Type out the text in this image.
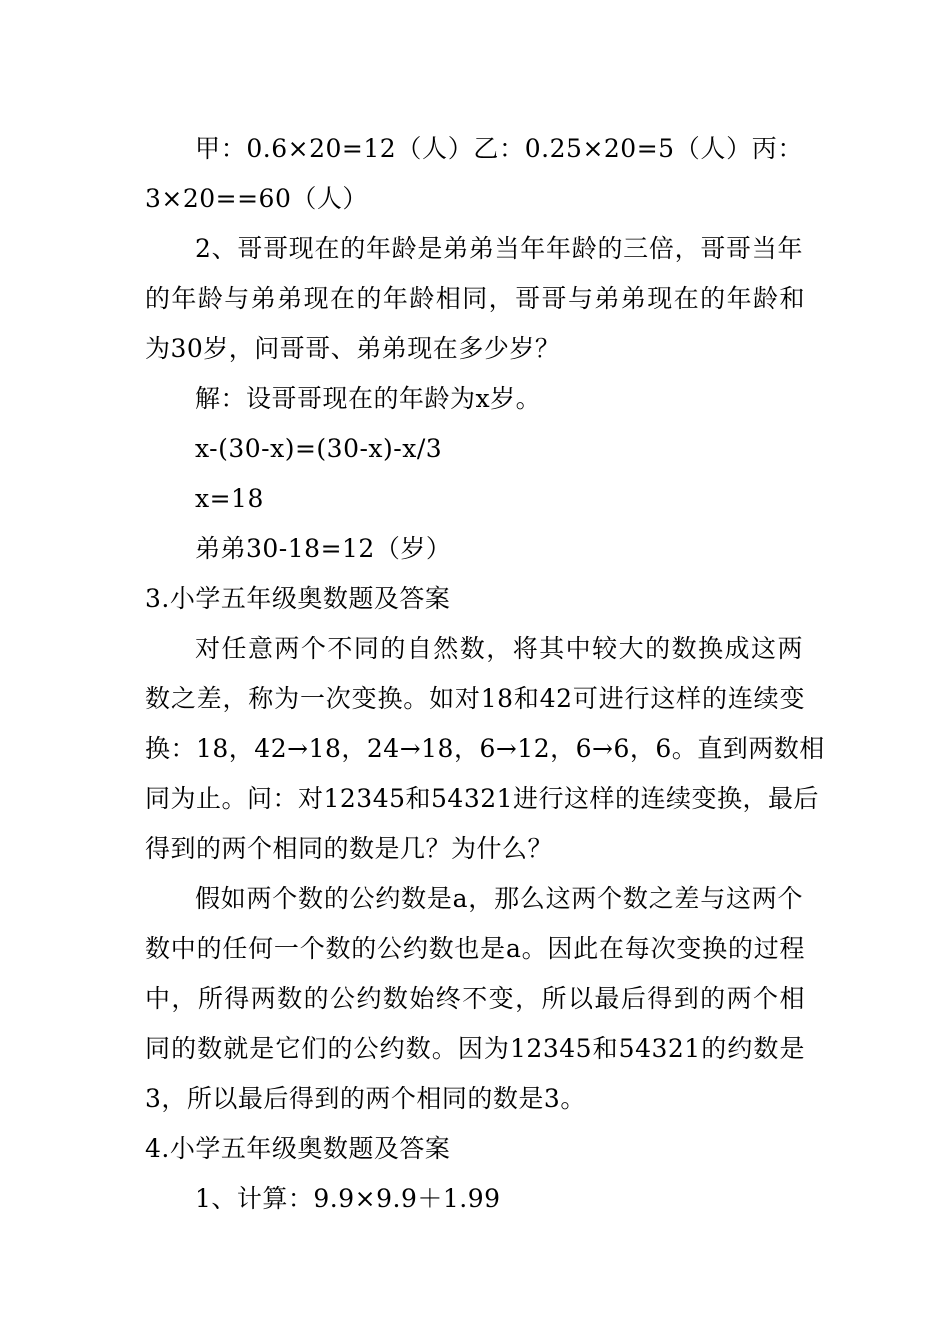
甲：0.6×20=12（人）乙：0.25×20=5（人）丙：
3×20==60（人）
2、哥哥现在的年龄是弟弟当年年龄的三倍，哥哥当年
的年龄与弟弟现在的年龄相同，哥哥与弟弟现在的年龄和
为30岁，问哥哥、弟弟现在多少岁？
解：设哥哥现在的年龄为x岁。
x-(30-x)=(30-x)-x/3
x=18
弟弟30-18=12（岁）
3.小学五年级奥数题及答案
对任意两个不同的自然数，将其中较大的数换成这两
数之差，称为一次变换。如对18和42可进行这样的连续变
换：18，42→18，24→18，6→12，6→6，6。直到两数相
同为止。问：对12345和54321进行这样的连续变换，最后
得到的两个相同的数是几？为什么？
假如两个数的公约数是a，那么这两个数之差与这两个
数中的任何一个数的公约数也是a。因此在每次变换的过程
中，所得两数的公约数始终不变，所以最后得到的两个相
同的数就是它们的公约数。因为12345和54321的约数是
3，所以最后得到的两个相同的数是3。
4.小学五年级奥数题及答案
1、计算：9.9×9.9＋1.99
